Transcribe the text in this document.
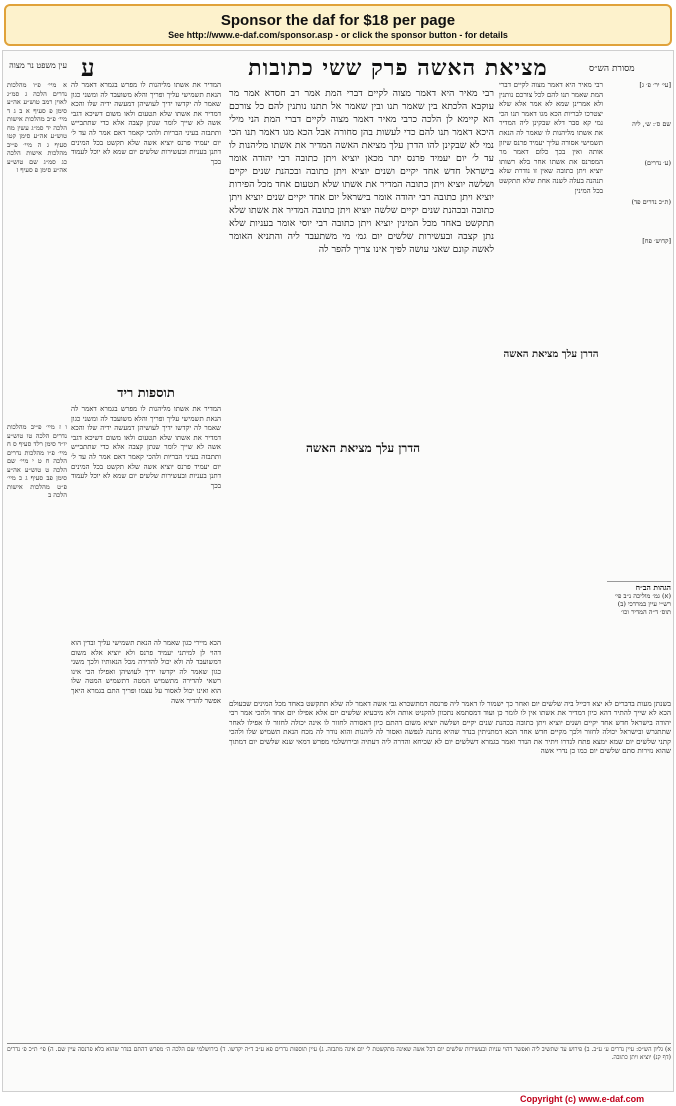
Sponsor the daf for $18 per page
See http://www.e-daf.com/sponsor.asp - or click the sponsor button - for details
עין משפט נר מצוה ע	מציאת האשה פרק ששי כתובות	מסורת הש״ס
א מיי׳ פ״ו מהלכות נדרים הלכה ג סמ״ג לאוין רמב טוש״ע אה״ע סימן פ סעיף א ב ג ד מיי׳ פ״ב מהלכות אישות הלכה יד סמ״ג עשין מח טוש״ע אה״ע סימן קטו סעיף ג ה מיי׳ פ״יב מהלכות אישות הלכה כג סמ״ג שם טוש״ע אה״ע סימן פ סעיף ז
ו ז מיי׳ פ״יב מהלכות נדרים הלכה טו טוש״ע יו״ד סימן רלד סעיף ס ח מיי׳ פ״ו מהלכות נדרים הלכה ח ט י מיי׳ שם הלכה ט טוש״ע אה״ע סימן פב סעיף ג כ מיי׳ פ״ט מהלכות אישות הלכה ב
המדיר את אשתו מליהנות לו מפרש בגמרא דאמר לה הנאת תשמישי עליך ופריך והלא משועבד לה ומשני כגון שאמר לה יקדשו ידיך לעושיהן דמעשה ידיה שלו והכא דמדיר את אשתו שלא תטעום ולאו משום דשיכא דגבי אשה לא שייך לומר שנתן קצבה אלא כדי שתתבייש ותתבזה בעיני הבריות ולהכי קאמר דאם אמר לה עד ל׳ יום יעמיד פרנס יוציא אשה שלא תקשט בכל המינים דתנן בעניות ובעשירות שלשים יום שמא לא יוכל לעמוד בכך
תוספות ריד
המדיר את אשתו מליהנות לו מפרש בגמרא דאמר לה הנאת תשמישי עליך ופריך והלא משועבד לה ומשני כגון שאמר לה יקדשו ידיך לעושיהן דמעשה ידיה שלו והכא דמדיר את אשתו שלא תטעום ולאו משום דשיכא דגבי אשה לא שייך לומר שנתן קצבה אלא כדי שתתבייש ותתבזה בעיני הבריות ולהכי קאמר דאם אמר לה עד ל׳ יום יעמיד פרנס יוציא אשה שלא תקשט בכל המינים דתנן בעניות ובעשירות שלשים יום שמא לא יוכל לעמוד בכך
רבי מאיר היא דאמר מצוה לקיים דברי המת אמר רב חסדא אמר מר עוקבא הלכתא בין שאמר תנו ובין שאמר אל תתנו נותנין להם כל צורכם הא קיימא לן הלכה כרבי מאיר דאמר מצוה לקיים דברי המת הני מילי היכא דאמר תנו להם כדי לעשות בהן סחורה אבל הכא מגו דאמר תנו הכי נמי לא שבקינן להו הדרן עלך מציאת האשה המדיר את אשתו מליהנות לו עד ל׳ יום יעמיד פרנס יתר מכאן יוציא ויתן כתובה רבי יהודה אומר בישראל חדש אחד יקיים ושנים יוציא ויתן כתובה ובכהנת שנים יקיים ושלשה יוציא ויתן כתובה המדיר את אשתו שלא תטעום אחד מכל הפירות יוציא ויתן כתובה רבי יהודה אומר בישראל יום אחד יקיים שנים יוציא ויתן כתובה ובכהנת שנים יקיים שלשה יוציא ויתן כתובה המדיר את אשתו שלא תתקשט באחד מכל המינין יוציא ויתן כתובה רבי יוסי אומר בעניות שלא נתן קצבה ובעשירות שלשים יום גמ׳ מי משתעבד ליה והתניא האומר לאשה קונם שאני עושה לפיך אינו צריך להפר לה
הדרן עלך מציאת האשה
רבי מאיר היא דאמר מצוה לקיים דברי המת שאמר תנו להם לכל צורכם נותנין ולא אמרינן שמא לא אמר אלא שלא יצטרכו לבריות הכא מגו דאמר תנו הכי נמי קא סבר דלא שבקינן ליה המדיר את אשתו מליהנות לו שאמר לה הנאת תשמישי אסורה עליך יעמיד פרנס שיזון אותה ואין בכך כלום דאמר מר המפרנס את אשתו אחר בלא רשותו יוציא ויתן כתובה שאין זו נודרת שלא תנהנה בעלה לשנה אחת שלא תתקשט בכל המינין
הדרן עלך מציאת האשה
[עי׳ יר׳ פ׳ ג]
שם ס׳: ש׳, ליה
(ע׳ נדרים)
(ת״כ נדרים פד)
[קדוש׳ פח]
הגהות הב״ח
(א) גמ׳ מוליכה נ״ב פי׳ רש״י עיין במרדכי (ב) תוס׳ ד״ה המדיר וכו׳
הכא מיירי כגון שאמר לה הנאת תשמישי עליך ובדין הוא דהוי לן למיתני יעמיד פרנס ולא יוציא אלא משום דמשועבד לה ולא יכול להדירה מכל הנאותיו ולכך משני כגון שאמר לה יקדשו ידיך לעושיהן ואפילו הכי אינו רשאי להדירה מתשמיש המטה דתשמיש המטה שלו הוא ואינו יכול לאסור על עצמו ופריך התם בגמרא היאך אפשר להדיר אשה בשנתן מעות בדברים לא יצא דכייל ביה שלשים יום ואחר כך ישמור לו דאמר ליה פרנסה דמתשכרא גבי אשה דאמר לה שלא תתקשט באחד מכל המינים שבעולם הכא לא שייך להתיר דהא כיון דמדיר את אשתו אין לו לומר כן ועוד דמסתמא נתכוון להקניט אותה ולא מיבעיא שלשים יום אלא אפילו יום אחד ולהכי אמר רבי יהודה בישראל חדש אחד יקיים ושנים יוציא ויתן כתובה בכהנת שנים יקיים ושלשה יוציא משום דהתם כיון דאסורה לחזור לו אינה יכולה לחזור לו אפילו לאחר שתתגרש ובישראל יכולה לחזור ולכך מקיים חדש אחד הכא דמתניתין בנדר שהיא מתנה לנפשה ואסור לה ליהנות והוא נודר לה מכח הנאת תשמיש שלו ולהכי קתני שלשים יום שמא ימצא פתח לנדרו ויתיר את הנדר ואמר בגמרא דשלשים יום לא שכיחא והדרה ליה דעתיה ובירושלמי מפרש דמאי שנא שלשים יום דמתוך שהוא נזירות סתם שלשים יום כמו כן נדרי אשה
א) גליון הש״ס: עיין נדרים ע׳ ע״ב. ב) פירוש עד שתשיב ליה ואפשר דהוי עניות ובעשירות שלשים יום דכל אשה שאינה מתקשטת ל׳ יום אינה מתבזה. ג) עיין תוספות נדרים פא ע״ב ד״ה יקדשו. ד) בירושלמי שם הלכה ה׳ מפרש דהתם בנדר שהוא בלא פרנסה עיין שם. ה) פי׳ ת״כ פ׳ נדרים (דף קנ) יוציא ויתן כתובה.
Copyright (c) www.e-daf.com
